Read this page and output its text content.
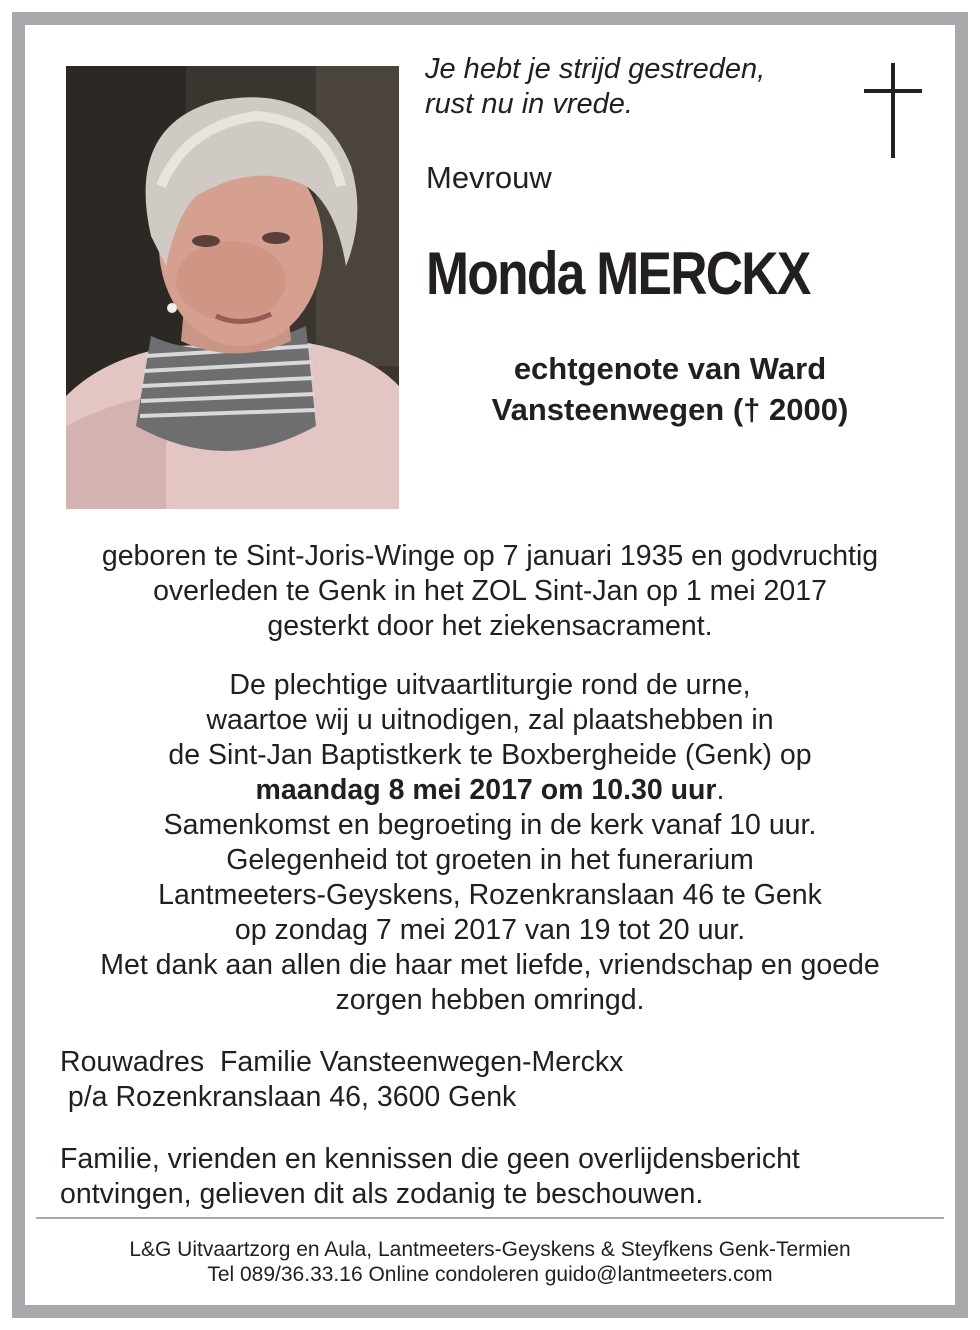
Je hebt je strijd gestreden,
rust nu in vrede.
Mevrouw
Monda MERCKX
echtgenote van Ward
Vansteenwegen († 2000)
geboren te Sint-Joris-Winge op 7 januari 1935 en godvruchtig
overleden te Genk in het ZOL Sint-Jan op 1 mei 2017
gesterkt door het ziekensacrament.
De plechtige uitvaartliturgie rond de urne,
waartoe wij u uitnodigen, zal plaatshebben in
de Sint-Jan Baptistkerk te Boxbergheide (Genk) op
maandag 8 mei 2017 om 10.30 uur.
Samenkomst en begroeting in de kerk vanaf 10 uur.
Gelegenheid tot groeten in het funerarium
Lantmeeters-Geyskens, Rozenkranslaan 46 te Genk
op zondag 7 mei 2017 van 19 tot 20 uur.
Met dank aan allen die haar met liefde, vriendschap en goede
zorgen hebben omringd.
Rouwadres  Familie Vansteenwegen-Merckx
p/a Rozenkranslaan 46, 3600 Genk
Familie, vrienden en kennissen die geen overlijdensbericht
ontvingen, gelieven dit als zodanig te beschouwen.
L&G Uitvaartzorg en Aula, Lantmeeters-Geyskens & Steyfkens Genk-Termien
Tel 089/36.33.16 Online condoleren guido@lantmeeters.com
